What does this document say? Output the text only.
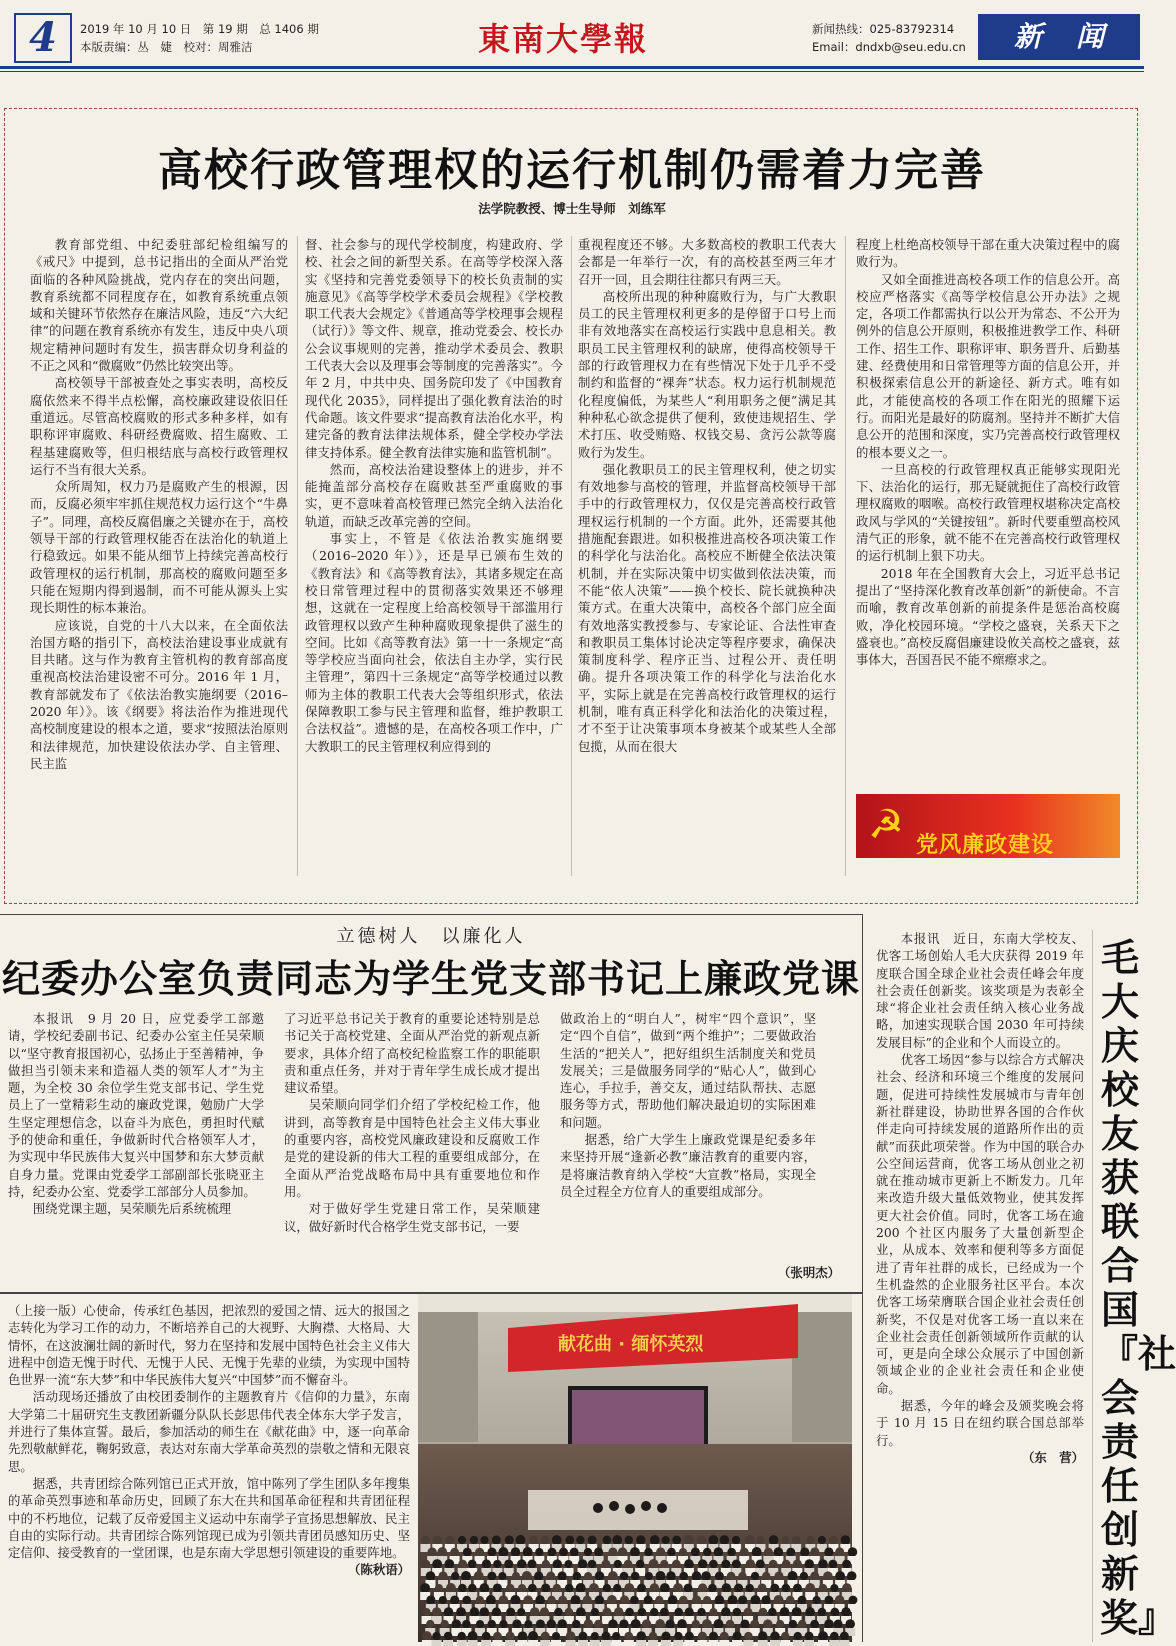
4	2019 年 10 月 10 日　第 19 期　总 1406 期
本版责编：丛　婕　校对：周雅洁	東南大學報	新闻热线：025-83792314
Email：dndxb@seu.edu.cn	新闻
高校行政管理权的运行机制仍需着力完善
法学院教授、博士生导师　刘练军

教育部党组、中纪委驻部纪检组编写的《戒尺》中提到，总书记指出的全面从严治党面临的各种风险挑战，党内存在的突出问题，教育系统都不同程度存在，如教育系统重点领域和关键环节依然存在廉洁风险，违反“六大纪律”的问题在教育系统亦有发生，违反中央八项规定精神问题时有发生，损害群众切身利益的不正之风和“微腐败”仍然比较突出等。

高校领导干部被查处之事实表明，高校反腐依然来不得半点松懈，高校廉政建设依旧任重道远。尽管高校腐败的形式多种多样，如有职称评审腐败、科研经费腐败、招生腐败、工程基建腐败等，但归根结底与高校行政管理权运行不当有很大关系。

众所周知，权力乃是腐败产生的根源，因而，反腐必须牢牢抓住规范权力运行这个“牛鼻子”。同理，高校反腐倡廉之关键亦在于，高校领导干部的行政管理权能否在法治化的轨道上行稳致远。如果不能从细节上持续完善高校行政管理权的运行机制，那高校的腐败问题至多只能在短期内得到遏制，而不可能从源头上实现长期性的标本兼治。

应该说，自党的十八大以来，在全面依法治国方略的指引下，高校法治建设事业成就有目共睹。这与作为教育主管机构的教育部高度重视高校法治建设密不可分。2016 年 1 月，教育部就发布了《依法治教实施纲要（2016–2020 年）》。该《纲要》将法治作为推进现代高校制度建设的根本之道，要求“按照法治原则和法律规范，加快建设依法办学、自主管理、民主监

督、社会参与的现代学校制度，构建政府、学校、社会之间的新型关系。在高等学校深入落实《坚持和完善党委领导下的校长负责制的实施意见》《高等学校学术委员会规程》《学校教职工代表大会规定》《普通高等学校理事会规程（试行）》等文件、规章，推动党委会、校长办公会议事规则的完善，推动学术委员会、教职工代表大会以及理事会等制度的完善落实”。今年 2 月，中共中央、国务院印发了《中国教育现代化 2035》，同样提出了强化教育法治的时代命题。该文件要求“提高教育法治化水平，构建完备的教育法律法规体系，健全学校办学法律支持体系。健全教育法律实施和监管机制”。

然而，高校法治建设整体上的进步，并不能掩盖部分高校存在腐败甚至严重腐败的事实，更不意味着高校管理已然完全纳入法治化轨道，而缺乏改革完善的空间。

事实上，不管是《依法治教实施纲要（2016–2020 年）》，还是早已颁布生效的《教育法》和《高等教育法》，其诸多规定在高校日常管理过程中的贯彻落实效果还不够理想，这就在一定程度上给高校领导干部滥用行政管理权以致产生种种腐败现象提供了滋生的空间。比如《高等教育法》第一十一条规定“高等学校应当面向社会，依法自主办学，实行民主管理”，第四十三条规定“高等学校通过以教师为主体的教职工代表大会等组织形式，依法保障教职工参与民主管理和监督，维护教职工合法权益”。遗憾的是，在高校各项工作中，广大教职工的民主管理权利应得到的

重视程度还不够。大多数高校的教职工代表大会都是一年举行一次，有的高校甚至两三年才召开一回，且会期往往都只有两三天。

高校所出现的种种腐败行为，与广大教职员工的民主管理权利更多的是停留于口号上而非有效地落实在高校运行实践中息息相关。教职员工民主管理权利的缺席，使得高校领导干部的行政管理权力在有些情况下处于几乎不受制约和监督的“裸奔”状态。权力运行机制规范化程度偏低，为某些人“利用职务之便”满足其种种私心欲念提供了便利，致使违规招生、学术打压、收受贿赂、权钱交易、贪污公款等腐败行为发生。

强化教职员工的民主管理权利，使之切实有效地参与高校的管理，并监督高校领导干部手中的行政管理权力，仅仅是完善高校行政管理权运行机制的一个方面。此外，还需要其他措施配套跟进。如积极推进高校各项决策工作的科学化与法治化。高校应不断健全依法决策机制，并在实际决策中切实做到依法决策，而不能“依人决策”——换个校长、院长就换种决策方式。在重大决策中，高校各个部门应全面有效地落实教授参与、专家论证、合法性审查和教职员工集体讨论决定等程序要求，确保决策制度科学、程序正当、过程公开、责任明确。提升各项决策工作的科学化与法治化水平，实际上就是在完善高校行政管理权的运行机制，唯有真正科学化和法治化的决策过程，才不至于让决策事项本身被某个或某些人全部包揽，从而在很大

程度上杜绝高校领导干部在重大决策过程中的腐败行为。

又如全面推进高校各项工作的信息公开。高校应严格落实《高等学校信息公开办法》之规定，各项工作都需执行以公开为常态、不公开为例外的信息公开原则，积极推进教学工作、科研工作、招生工作、职称评审、职务晋升、后勤基建、经费使用和日常管理等方面的信息公开，并积极探索信息公开的新途径、新方式。唯有如此，才能使高校的各项工作在阳光的照耀下运行。而阳光是最好的防腐剂。坚持并不断扩大信息公开的范围和深度，实乃完善高校行政管理权的根本要义之一。

一旦高校的行政管理权真正能够实现阳光下、法治化的运行，那无疑就扼住了高校行政管理权腐败的咽喉。高校行政管理权堪称决定高校政风与学风的“关键按钮”。新时代要重塑高校风清气正的形象，就不能不在完善高校行政管理权的运行机制上狠下功夫。

2018 年在全国教育大会上，习近平总书记提出了“坚持深化教育改革创新”的新使命。不言而喻，教育改革创新的前提条件是惩治高校腐败，净化校园环境。“学校之盛衰，关系天下之盛衰也。”高校反腐倡廉建设攸关高校之盛衰，兹事体大，吾国吾民不能不瘝瘵求之。

☭ 党风廉政建设
立德树人　以廉化人
纪委办公室负责同志为学生党支部书记上廉政党课

本报讯　9 月 20 日，应党委学工部邀请，学校纪委副书记、纪委办公室主任吴荣顺以“坚守教育报国初心，弘扬止于至善精神，争做担当引领未来和造福人类的领军人才”为主题，为全校 30 余位学生党支部书记、学生党员上了一堂精彩生动的廉政党课，勉励广大学生坚定理想信念，以奋斗为底色，勇担时代赋予的使命和重任，争做新时代合格领军人才，为实现中华民族伟大复兴中国梦和东大梦贡献自身力量。党课由党委学工部副部长张晓亚主持，纪委办公室、党委学工部部分人员参加。

围绕党课主题，吴荣顺先后系统梳理

了习近平总书记关于教育的重要论述特别是总书记关于高校党建、全面从严治党的新观点新要求，具体介绍了高校纪检监察工作的职能职责和重点任务，并对于青年学生成长成才提出建议希望。

吴荣顺向同学们介绍了学校纪检工作，他讲到，高等教育是中国特色社会主义伟大事业的重要内容，高校党风廉政建设和反腐败工作是党的建设新的伟大工程的重要组成部分，在全面从严治党战略布局中具有重要地位和作用。

对于做好学生党建日常工作，吴荣顺建议，做好新时代合格学生党支部书记，一要

做政治上的“明白人”，树牢“四个意识”，坚定“四个自信”，做到“两个维护”；二要做政治生活的“把关人”，把好组织生活制度关和党员发展关；三是做服务同学的“贴心人”，做到心连心，手拉手，善交友，通过结队帮扶、志愿服务等方式，帮助他们解决最迫切的实际困难和问题。

据悉，给广大学生上廉政党课是纪委多年来坚持开展“逢新必教”廉洁教育的重要内容，是将廉洁教育纳入学校“大宣教”格局，实现全员全过程全方位育人的重要组成部分。

（张明杰）

（上接一版）心使命，传承红色基因，把浓烈的爱国之情、远大的报国之志转化为学习工作的动力，不断培养自己的大视野、大胸襟、大格局、大情怀，在这波澜壮阔的新时代，努力在坚持和发展中国特色社会主义伟大进程中创造无愧于时代、无愧于人民、无愧于先辈的业绩，为实现中国特色世界一流“东大梦”和中华民族伟大复兴“中国梦”而不懈奋斗。

活动现场还播放了由校团委制作的主题教育片《信仰的力量》，东南大学第二十届研究生支教团新疆分队队长彭思伟代表全体东大学子发言，并进行了集体宣誓。最后，参加活动的师生在《献花曲》中，逐一向革命先烈敬献鲜花，鞠躬致意，表达对东南大学革命英烈的崇敬之情和无限哀思。

据悉，共青团综合陈列馆已正式开放，馆中陈列了学生团队多年搜集的革命英烈事迹和革命历史，回顾了东大在共和国革命征程和共青团征程中的不朽地位，记载了反帝爱国主义运动中东南学子宣扬思想解放、民主自由的实际行动。共青团综合陈列馆现已成为引领共青团员感知历史、坚定信仰、接受教育的一堂团课，也是东南大学思想引领建设的重要阵地。

（陈秋语）
献花曲 · 缅怀英烈

本报讯　近日，东南大学校友、优客工场创始人毛大庆获得 2019 年度联合国全球企业社会责任峰会年度社会责任创新奖。该奖项是为表彰全球“将企业社会责任纳入核心业务战略，加速实现联合国 2030 年可持续发展目标”的企业和个人而设立的。

优客工场因“参与以综合方式解决社会、经济和环境三个维度的发展问题，促进可持续性发展城市与青年创新社群建设，协助世界各国的合作伙伴走向可持续发展的道路所作出的贡献”而获此项荣誉。作为中国的联合办公空间运营商，优客工场从创业之初就在推动城市更新上不断发力。几年来改造升级大量低效物业，使其发挥更大社会价值。同时，优客工场在逾 200 个社区内服务了大量创新型企业，从成本、效率和便利等多方面促进了青年社群的成长，已经成为一个生机盎然的企业服务社区平台。本次优客工场荣膺联合国企业社会责任创新奖，不仅是对优客工场一直以来在企业社会责任创新领域所作贡献的认可，更是向全球公众展示了中国创新领域企业的企业社会责任和企业使命。

据悉，今年的峰会及颁奖晚会将于 10 月 15 日在纽约联合国总部举行。

（东　营）
毛大庆校友获联合国『社会责任创新奖』
